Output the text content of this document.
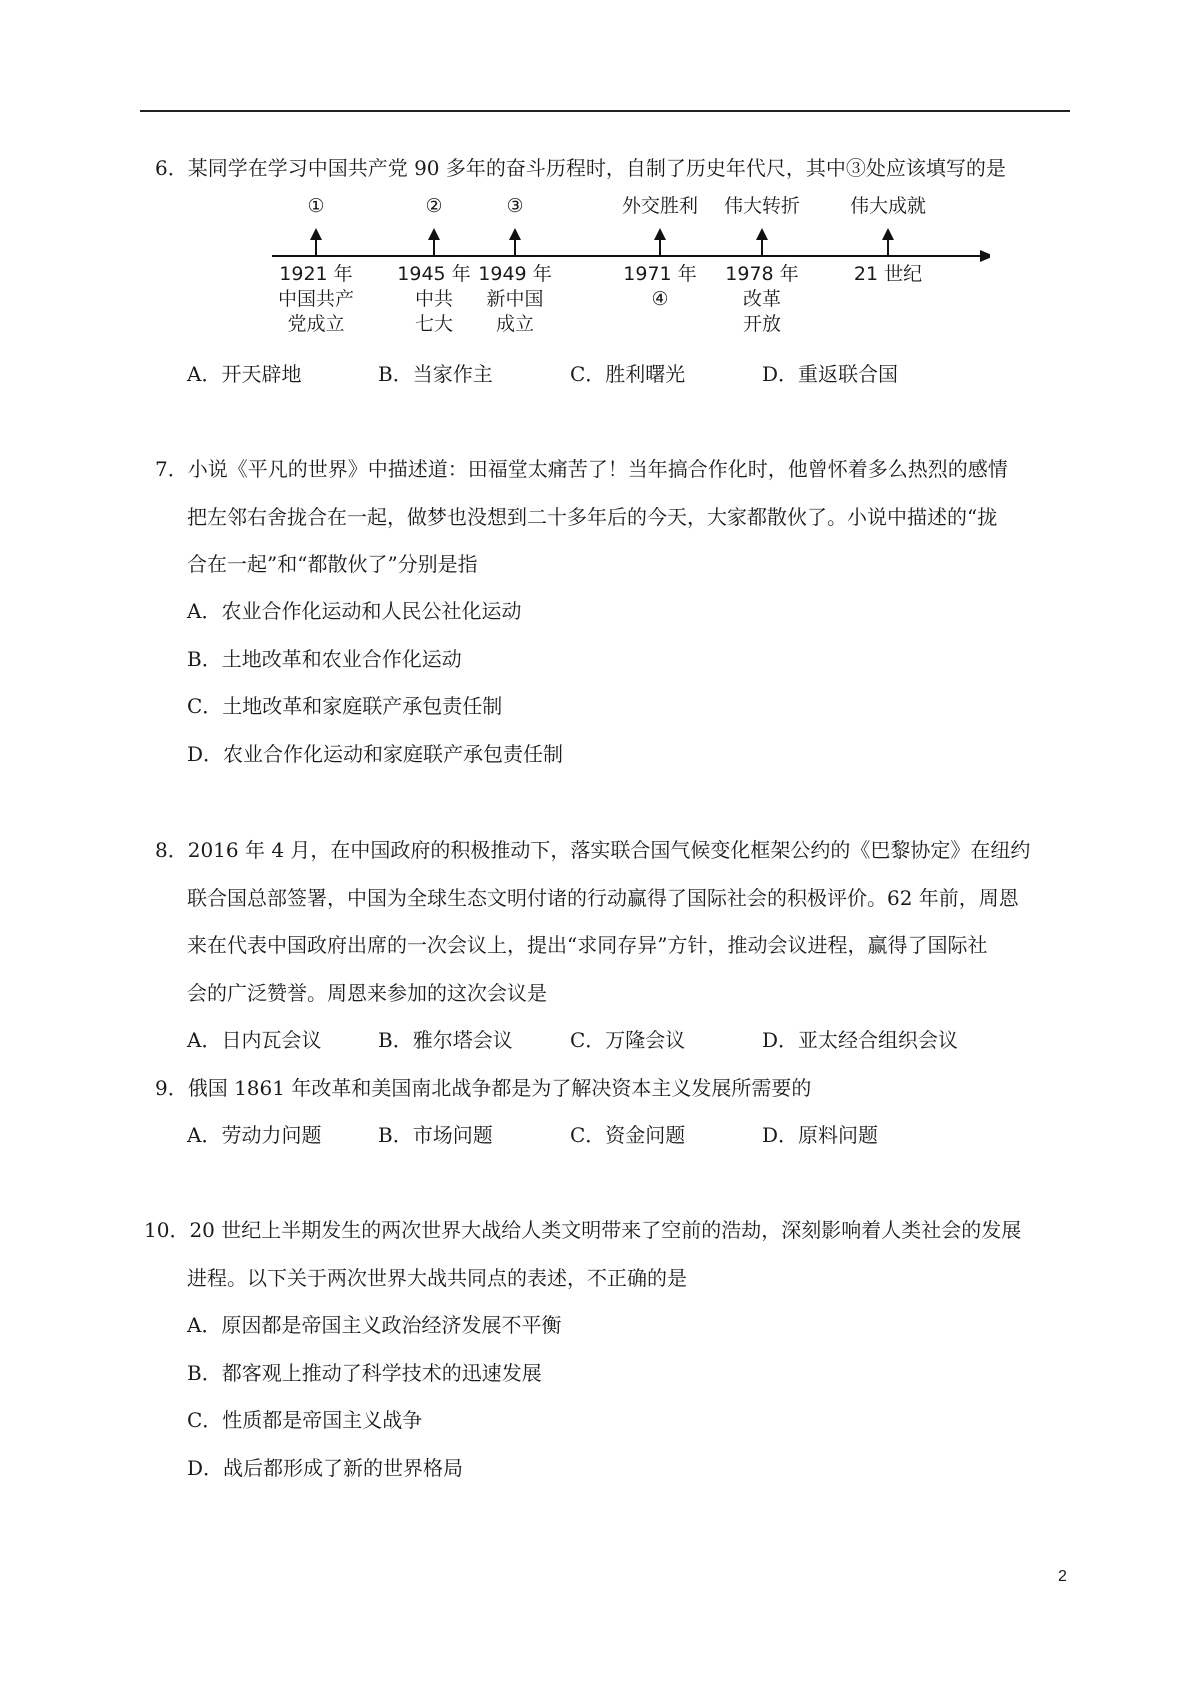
6．某同学在学习中国共产党 90 多年的奋斗历程时，自制了历史年代尺，其中③处应该填写的是
①	②	③	外交胜利 伟大转折	伟大成就
1921 年
中国共产
党成立
1945 年
中共
七大
1949 年
新中国
成立
1971 年
④
1978 年
改革
开放
21 世纪
A．开天辟地	B．当家作主	C．胜利曙光	D．重返联合国
7．小说《平凡的世界》中描述道：田福堂太痛苦了！当年搞合作化时，他曾怀着多么热烈的感情
把左邻右舍拢合在一起，做梦也没想到二十多年后的今天，大家都散伙了。小说中描述的“拢
合在一起”和“都散伙了”分别是指
A．农业合作化运动和人民公社化运动
B．土地改革和农业合作化运动
C．土地改革和家庭联产承包责任制
D．农业合作化运动和家庭联产承包责任制
8．2016 年 4 月，在中国政府的积极推动下，落实联合国气候变化框架公约的《巴黎协定》在纽约
联合国总部签署，中国为全球生态文明付诸的行动赢得了国际社会的积极评价。62 年前，周恩
来在代表中国政府出席的一次会议上，提出“求同存异”方针，推动会议进程，赢得了国际社
会的广泛赞誉。周恩来参加的这次会议是
A．日内瓦会议	B．雅尔塔会议	C．万隆会议	D．亚太经合组织会议
9．俄国 1861 年改革和美国南北战争都是为了解决资本主义发展所需要的
A．劳动力问题	B．市场问题	C．资金问题	D．原料问题
10．20 世纪上半期发生的两次世界大战给人类文明带来了空前的浩劫，深刻影响着人类社会的发展
进程。以下关于两次世界大战共同点的表述，不正确的是
A．原因都是帝国主义政治经济发展不平衡
B．都客观上推动了科学技术的迅速发展
C．性质都是帝国主义战争
D．战后都形成了新的世界格局
2
